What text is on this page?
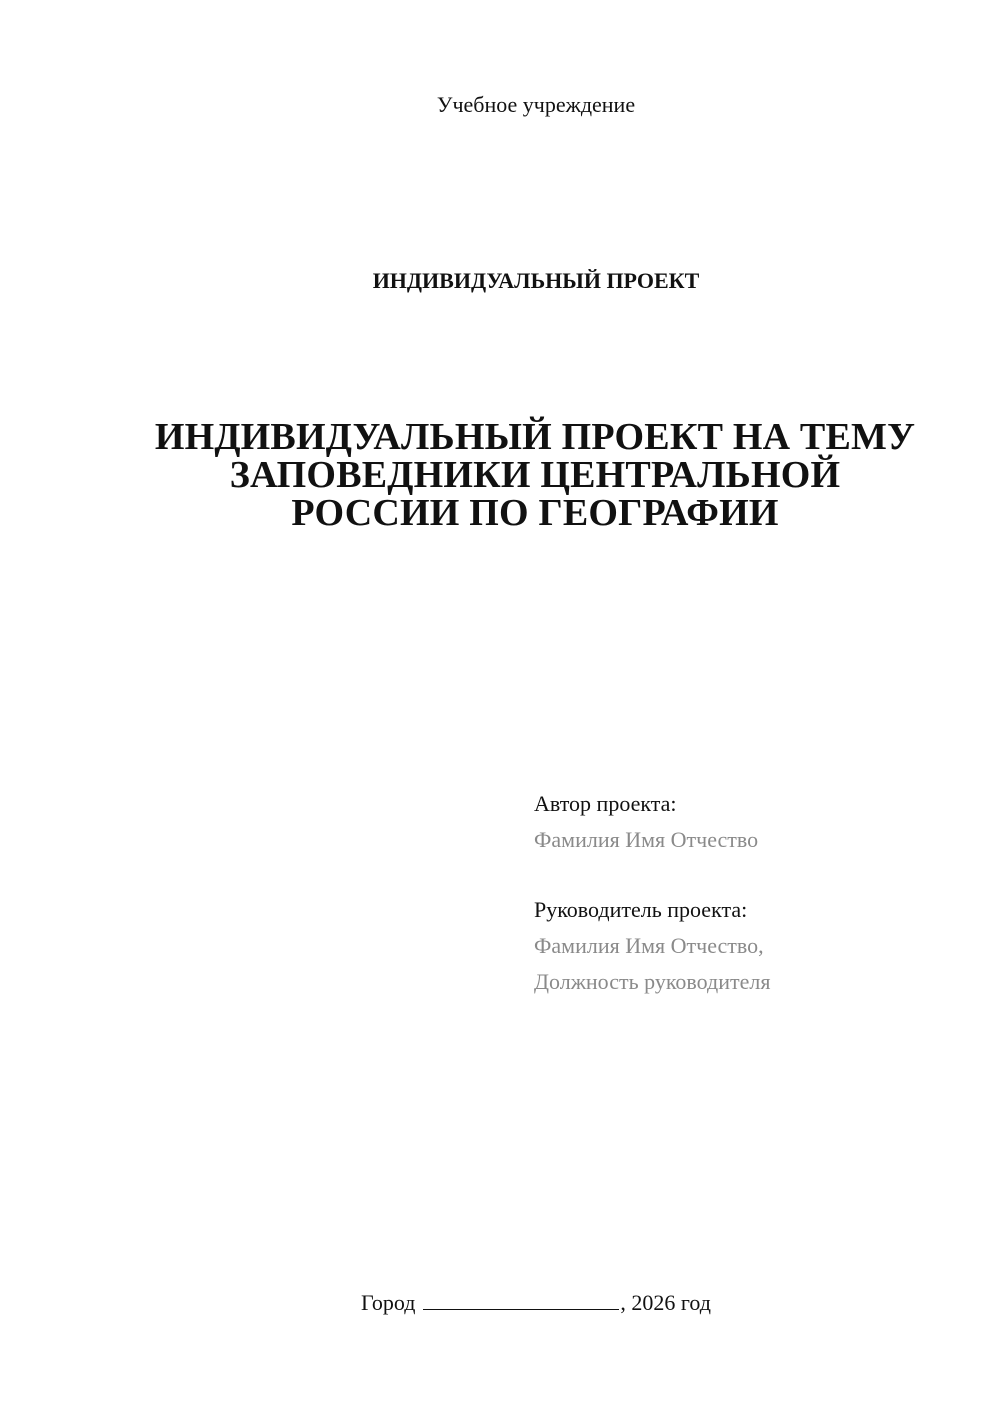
Учебное учреждение
ИНДИВИДУАЛЬНЫЙ ПРОЕКТ
ИНДИВИДУАЛЬНЫЙ ПРОЕКТ НА ТЕМУ
ЗАПОВЕДНИКИ ЦЕНТРАЛЬНОЙ
РОССИИ ПО ГЕОГРАФИИ
Автор проекта:
Фамилия Имя Отчество
Руководитель проекта:
Фамилия Имя Отчество,
Должность руководителя
Город	, 2026 год
